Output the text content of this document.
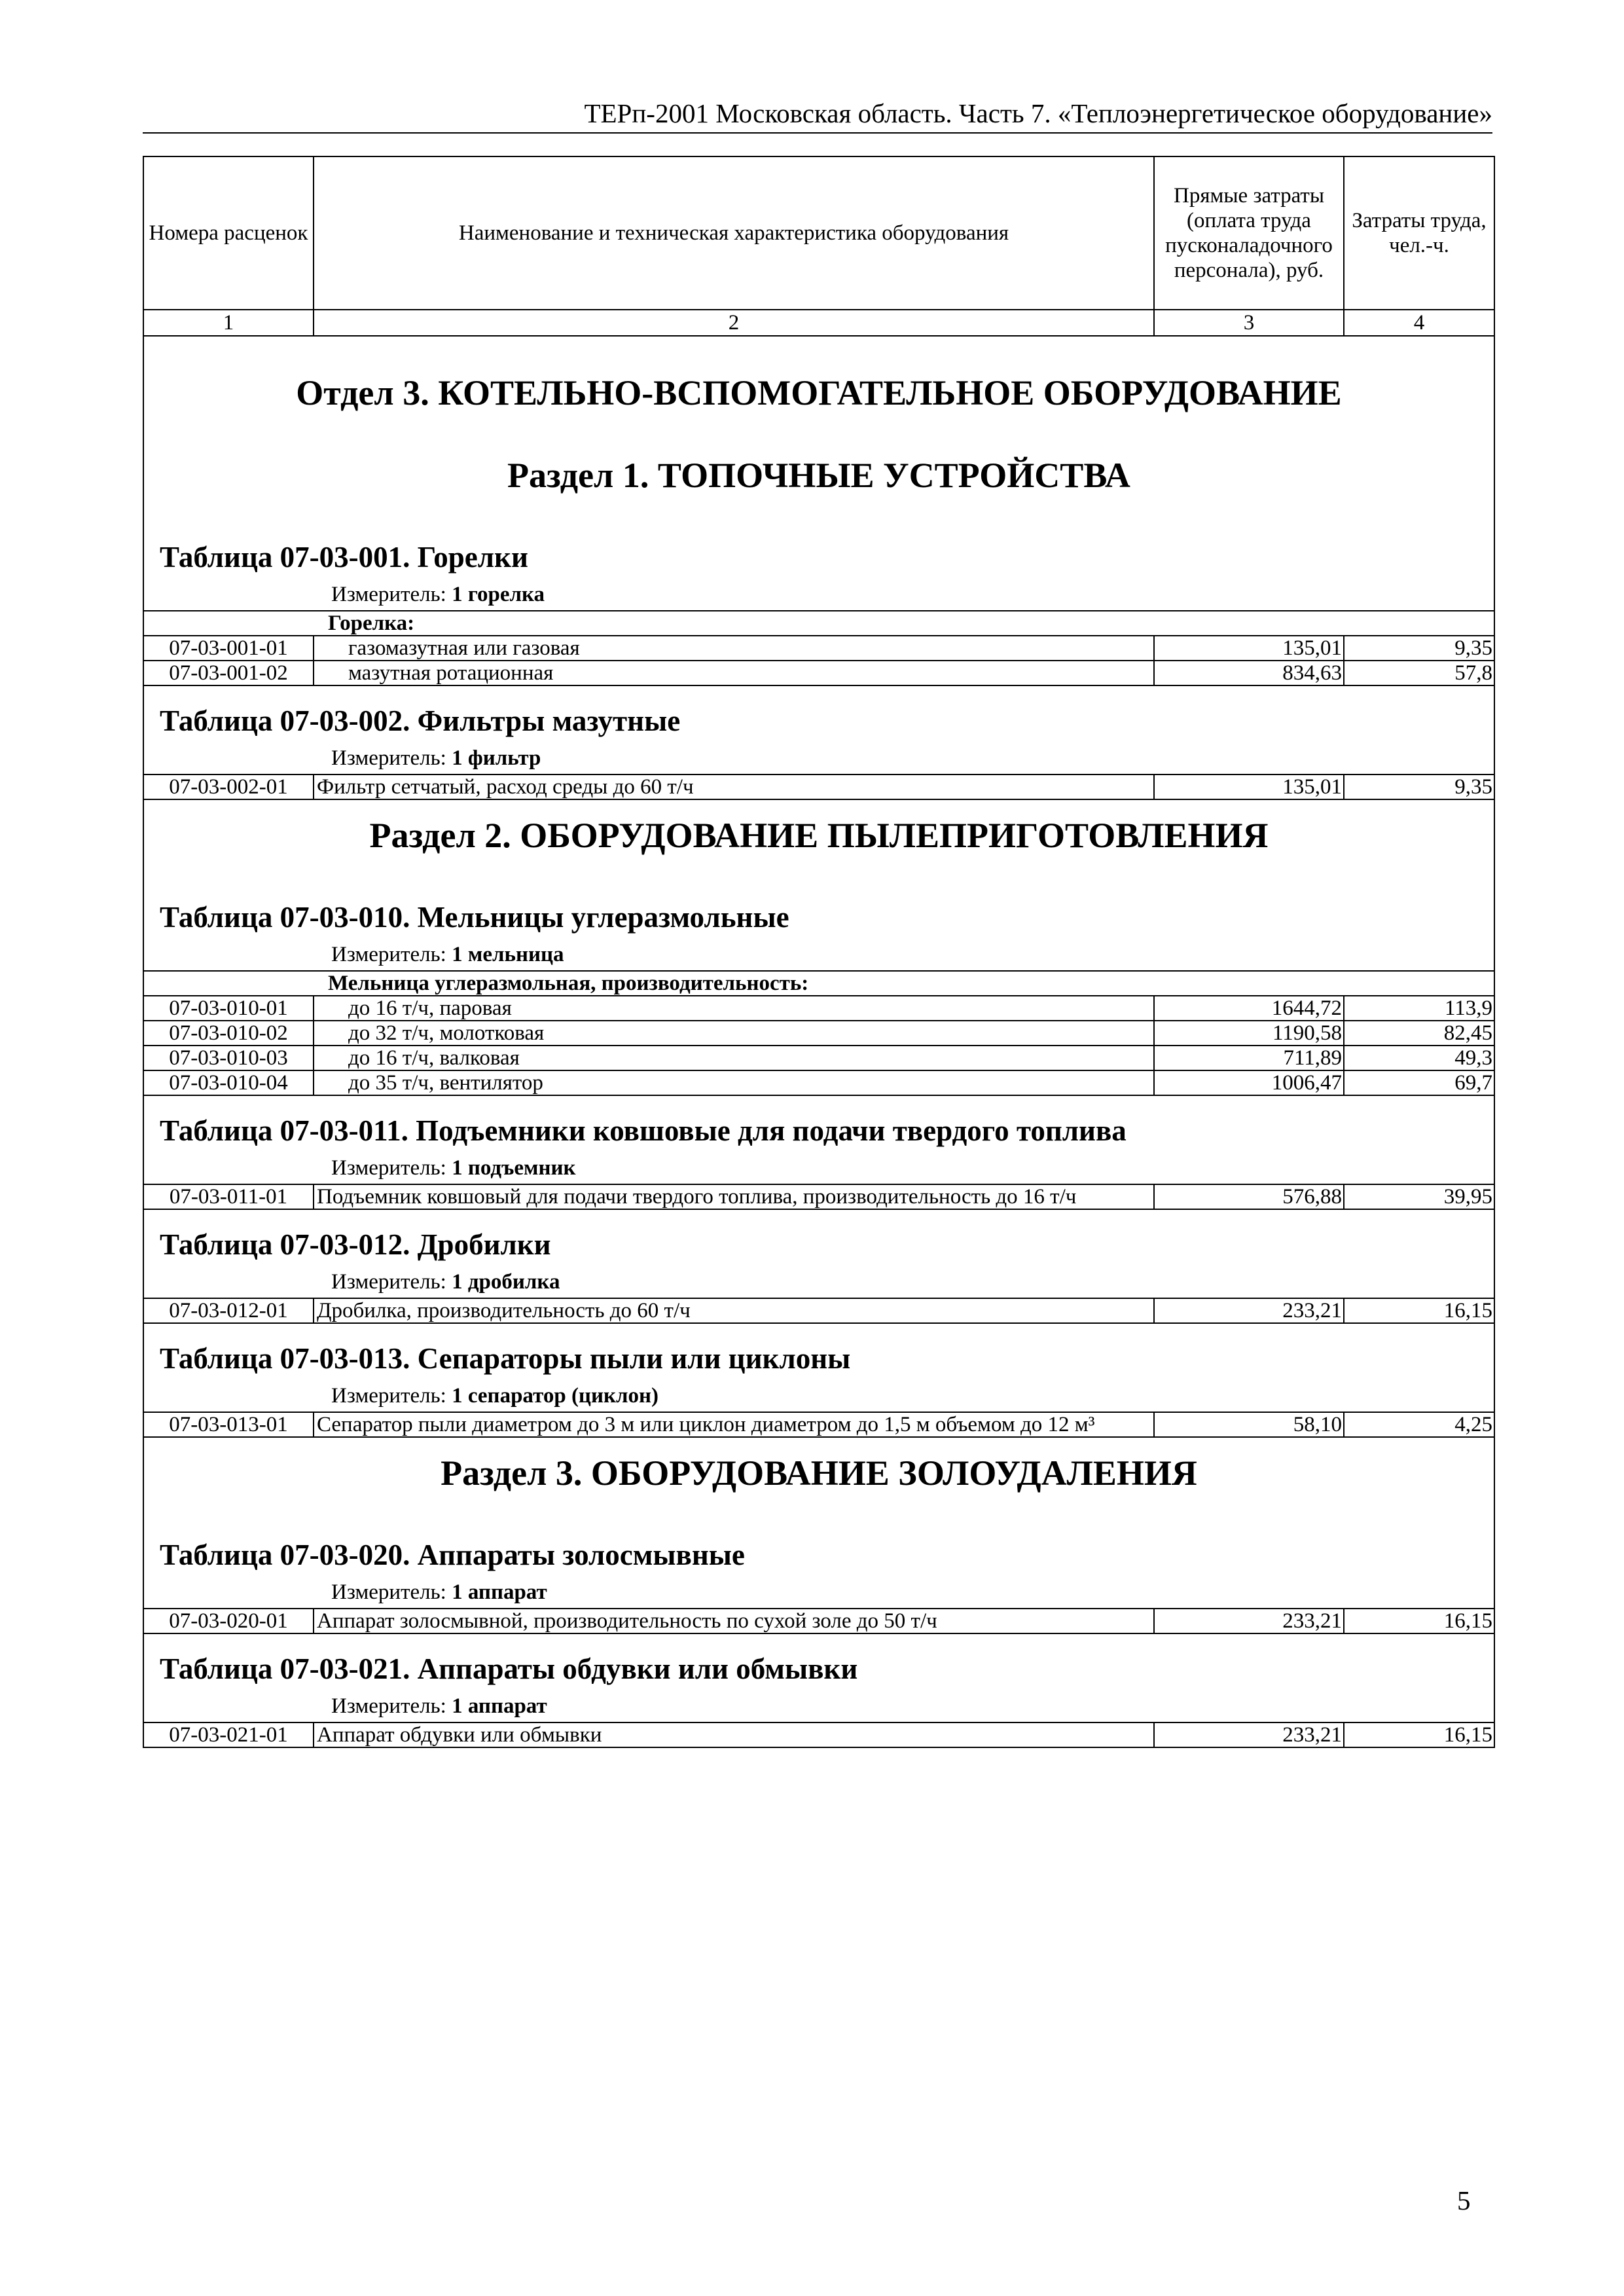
ТЕРп-2001 Московская область. Часть 7. «Теплоэнергетическое оборудование»
Номера расценок	Наименование и техническая характеристика оборудования	Прямые затраты (оплата труда пусконаладочного персонала), руб.	Затраты труда, чел.-ч.
1	2	3	4
Отдел 3. КОТЕЛЬНО-ВСПОМОГАТЕЛЬНОЕ ОБОРУДОВАНИЕ			
Раздел 1. ТОПОЧНЫЕ УСТРОЙСТВА			
Таблица 07-03-001. Горелки			
Измеритель: 1 горелка			
	Горелка:		
07-03-001-01	газомазутная или газовая	135,01	9,35
07-03-001-02	мазутная ротационная	834,63	57,8
Таблица 07-03-002. Фильтры мазутные			
Измеритель: 1 фильтр			
07-03-002-01	Фильтр сетчатый, расход среды до 60 т/ч	135,01	9,35
Раздел 2. ОБОРУДОВАНИЕ ПЫЛЕПРИГОТОВЛЕНИЯ			
Таблица 07-03-010. Мельницы углеразмольные			
Измеритель: 1 мельница			
	Мельница углеразмольная, производительность:		
07-03-010-01	до 16 т/ч, паровая	1644,72	113,9
07-03-010-02	до 32 т/ч, молотковая	1190,58	82,45
07-03-010-03	до 16 т/ч, валковая	711,89	49,3
07-03-010-04	до 35 т/ч, вентилятор	1006,47	69,7
Таблица 07-03-011. Подъемники ковшовые для подачи твердого топлива			
Измеритель: 1 подъемник			
07-03-011-01	Подъемник ковшовый для подачи твердого топлива, производительность до 16 т/ч	576,88	39,95
Таблица 07-03-012. Дробилки			
Измеритель: 1 дробилка			
07-03-012-01	Дробилка, производительность до 60 т/ч	233,21	16,15
Таблица 07-03-013. Сепараторы пыли или циклоны			
Измеритель: 1 сепаратор (циклон)			
07-03-013-01	Сепаратор пыли диаметром до 3 м или циклон диаметром до 1,5 м объемом до 12 м³	58,10	4,25
Раздел 3. ОБОРУДОВАНИЕ ЗОЛОУДАЛЕНИЯ			
Таблица 07-03-020. Аппараты золосмывные			
Измеритель: 1 аппарат			
07-03-020-01	Аппарат золосмывной, производительность по сухой золе до 50 т/ч	233,21	16,15
Таблица 07-03-021. Аппараты обдувки или обмывки			
Измеритель: 1 аппарат			
07-03-021-01	Аппарат обдувки или обмывки	233,21	16,15
5
